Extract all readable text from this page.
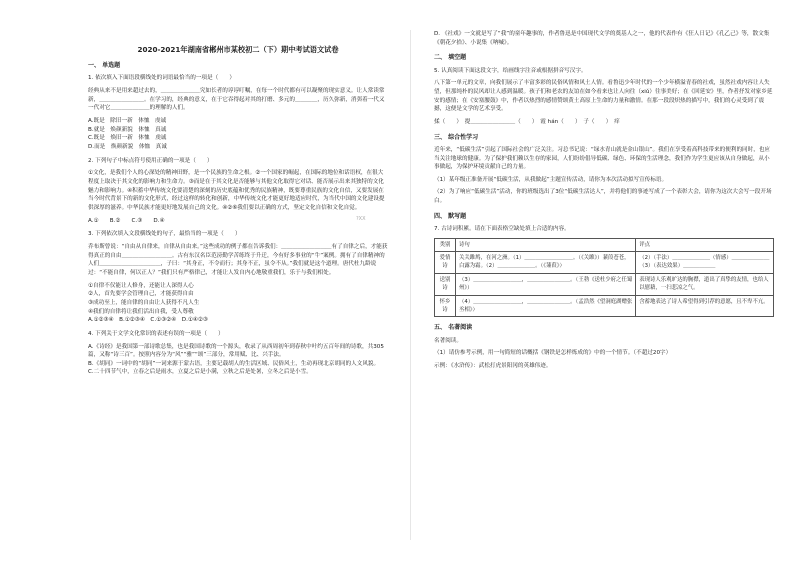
?XX
2020-2021年湖南省郴州市某校初二（下）期中考试语文试卷
一、 单选题
1. 依次填入下面语段横线处的词语最恰当的一项是（　　）
经典从来不是用来超过去的，＿＿＿＿＿＿＿究如长者的谆谆叮嘱，在每一个时代都有可以凝聚的现实意义。让人常读常新，＿＿＿＿＿＿＿＿。在学习的，经典的意义，在于它吞得起对其的打磨、多元的＿＿＿＿，历久弥新，消弭着一代又一代对它＿＿＿＿＿＿＿的理解的人们。
A.既是　除旧一新　体恤　虔诚
B.就是　焕颜新貌　体恤　真诚
C.既是　焕旧一新　体恤　虔诚
D.而是　焕颜新貌　体恤　真诚
2. 下列句子中标点符号使用正确的一项是（　　）
①文化，是我们个人的心深处的精神田野，是一个民族的生命之根。②一个国家的崛起，在国际的地位和话语权，在很大程度上取决于其文化的影响力和生命力。③而是在于其文化是否能够与其他文化取得它对话、能否展示出来其独特的文化魅力和影响力。④积蓄中华传统文化要清楚的深刻的历史底蕴和优秀的民族精神，既要尊重民族的文化自信，又要发展在当今时代背景下的新的文化形式，经过这样的转化和创新，中华传统文化才能更好地适应时代，为当代中国的文化建设提供深厚的滋养。中华民族才能更好地发展自己的文化。④②⑥我们要以正确的方式，坚定文化自信和文化自觉。
A.①　　B.②　　C.③　　D.④
3. 下列依次填入文段横线处的句子，最恰当的一项是（　　）
乔布斯曾说：“自由从自律来，自律从自由来。”这些成功的例子都在告诉我们：＿＿＿＿＿＿＿＿＿有了自律之后，才能获得真正的自由＿＿＿＿＿＿＿＿＿。古有东汉名臣范滂勤学苦练终于升迁，今有好多事业的“牛”案例。拥有了自律精神的人们＿＿＿＿＿＿＿＿＿＿＿，子曰：“其身正，不令而行；其身不正，虽令不从。”我们就是这个道理。唐代杜九龄说过：“不能自律，何以正人？”我们只有严格律己，才能让人发自内心地敬重我们，乐于与我们相处。
①自律不仅能让人修身，还能让人深得人心
②人，首先要学会管理自己，才能获得自由
③成功至上，能自律的自由让人获得不凡人生
④我们的自律将让我们活出自我，受人尊敬
A.①②③④　B.①②③④　C.①③②④　D.①④②③
4. 下列关于文学文化常识的表述有误的一项是（　　）
A.《诗经》是我国第一部诗歌总集，也是我国诗歌的一个源头，收录了从西周初年到春秋中叶约五百年间的诗歌，共305篇，又称“诗三百”。按照内容分为“风”“雅”“颂”三部分，常用赋、比、兴手法。
B.《胡同》一词中的“胡同”一词来源于蒙古语，主要记载胡人的生活区域、民俗风土，生动再现北京胡同的人文风貌。
C.二十四节气中，立春之后是雨水，立夏之后是小满，立秋之后是处暑，立冬之后是小雪。
D. 《社戏》一文就是写了“我”的童年趣事的，作者鲁迅是中国现代文学的奠基人之一，他的代表作有《狂人日记》《孔乙己》等，散文集《朝花夕拾》、小说集《呐喊》。
二、 填空题
5. 认真阅读下面这段文字，给画线字注音或根据拼音写汉字。
八下第一单元的文章，向我们展示了丰富多彩的民俗风情和风土人情。看鲁迅少年时代的一个少年横溢青春的社戏，虽然社戏内容让人失望，但那纯朴的民风却让人感到温暖。孩子们和老农的友谊在如今看来也让人向往（xiǔ）往事美好；在《回延安》里，作者抒发对家乡延安的感情；在《安塞腰鼓》中，作者以热烈的感情赞颂黄土高原上生命的力量和激情。在那一段段炽热的描写中，我们的心灵受到了震撼，这便是文学的艺术享受。
揉（　　）　提＿＿＿＿＿＿＿＿（　　）　霞 hán（　　）　子（　　）　痒
三、 综合性学习
近年来，“低碳生活”引起了国际社会的广泛关注。习总书记说：“绿水青山就是金山银山”。我们在享受着高科技带来的便利的同时，也应当关注地球的健康。为了保护我们赖以生存的家园，人们纷纷倡导低碳、绿色、环保的生活理念，我们作为学生更应该从自身做起，从小事做起，为保护环境贡献自己的力量。
（1）某年级正准备开展“低碳生活，从我做起”主题宣传活动，请你为本次活动拟写宣传标语。
（2）为了响应“低碳生活”活动，你的班级选出了3位“低碳生活达人”，并将他们的事迹写成了一个表彰大会，请你为这次大会写一段开场白。
四、 默写题
7. 古诗词积累。请在下面表格空缺处填上合适的内容。
类别	诗句	评点
爱情诗	关关雎鸠，在河之洲。（1）＿＿＿＿＿＿＿＿＿。（《关雎》）蒹葭苍苍，白露为霜。（2）＿＿＿＿＿＿＿。（《蒹葭》）	（2）（手法）＿＿＿＿＿＿＿（情感）＿＿＿＿＿＿＿（3）（表达效果）＿＿＿＿＿＿
送别诗	（3）＿＿＿＿＿＿＿＿＿，＿＿＿＿＿＿＿＿。（王勃《送杜少府之任蜀州》）	表现诗人乐观旷达的胸襟，道出了真挚的友情，也给人以慰藉，一扫悲凉之气。
怀乡诗	（4）＿＿＿＿＿＿＿＿＿，＿＿＿＿＿＿＿＿。（孟浩然《望洞庭湖赠张丞相》）	含蓄地表达了诗人希望得到引荐的意愿，且不卑不亢。
五、 名著阅读
名著阅读。
（1）请仿参考示例，用一句简短的话概括《钢铁是怎样炼成的》中的一个情节。（不超过20字）
示例：《水浒传》：武松打虎景阳冈的英雄伟迹。
